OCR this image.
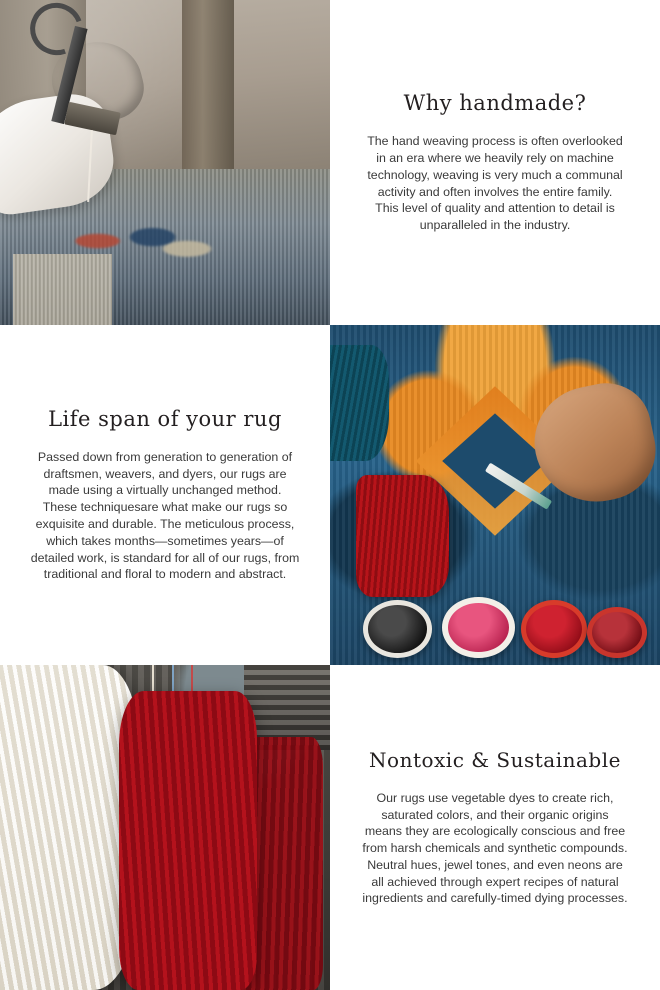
Why handmade?

The hand weaving process is often overlooked in an era where we heavily rely on machine technology, weaving is very much a communal activity and often involves the entire family. This level of quality and attention to detail is unparalleled in the industry.

Life span of your rug

Passed down from generation to generation of draftsmen, weavers, and dyers, our rugs are made using a virtually unchanged method. These techniquesare what make our rugs so exquisite and durable. The meticulous process, which takes months—sometimes years—of detailed work, is standard for all of our rugs, from traditional and floral to modern and abstract.

Nontoxic & Sustainable

Our rugs use vegetable dyes to create rich, saturated colors, and their organic origins means they are ecologically conscious and free from harsh chemicals and synthetic compounds. Neutral hues, jewel tones, and even neons are all achieved through expert recipes of natural ingredients and carefully-timed dying processes.
